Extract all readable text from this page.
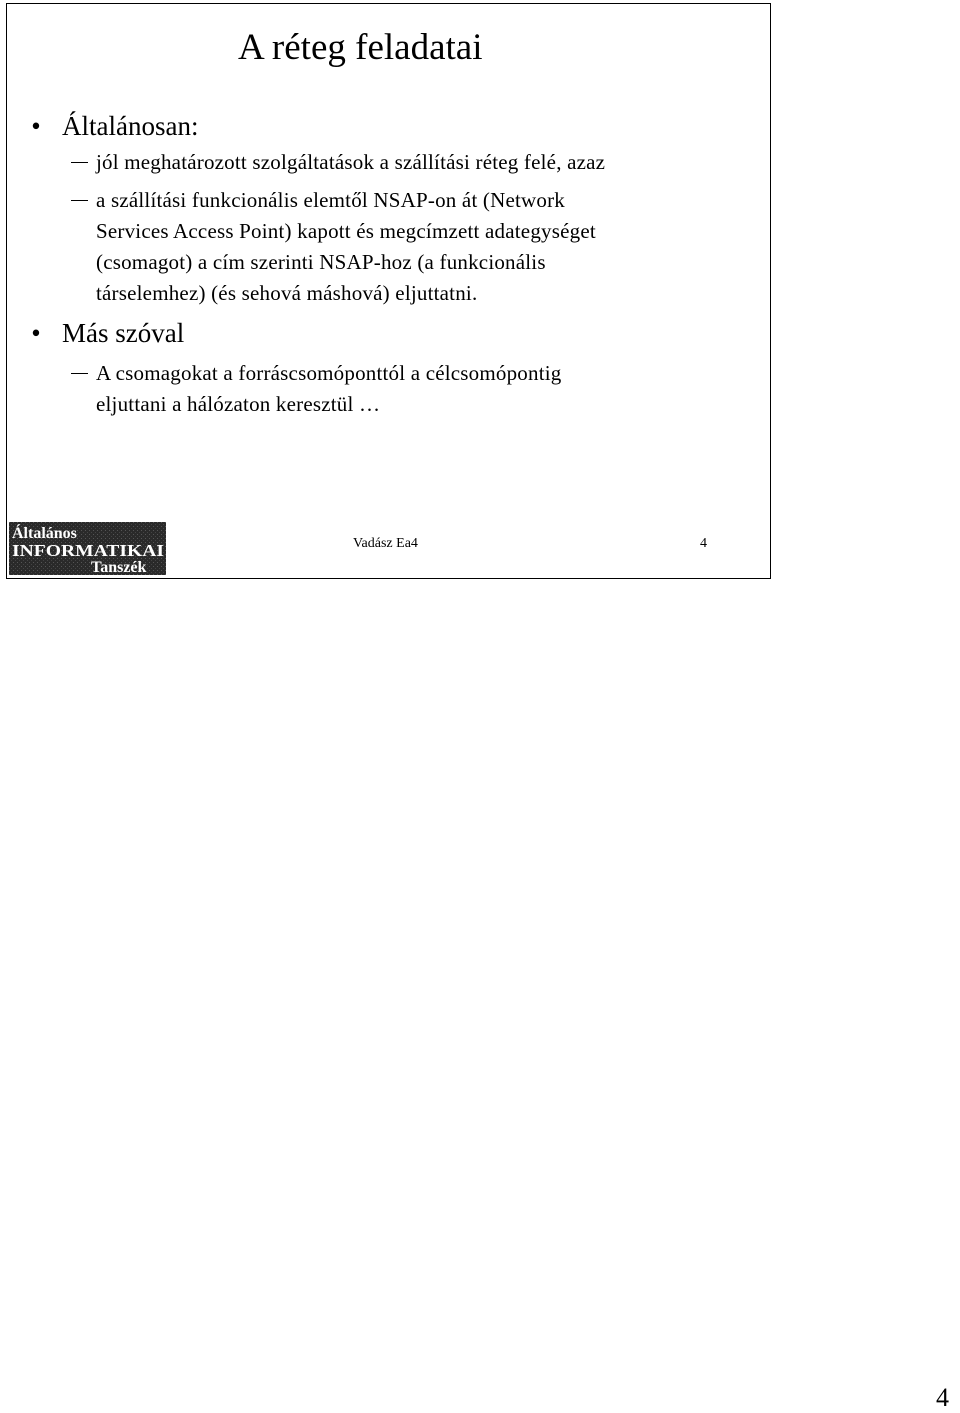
A réteg feladatai
• Általánosan:
jól meghatározott szolgáltatások a szállítási réteg felé, azaz
a szállítási funkcionális elemtől NSAP-on át (Network
Services Access Point) kapott és megcímzett adategységet
(csomagot) a cím szerinti NSAP-hoz (a funkcionális
társelemhez) (és sehová máshová) eljuttatni.
• Más szóval
A csomagokat a forráscsomóponttól a célcsomópontig
eljuttani a hálózaton keresztül …
Általános
INFORMATIKAI
Tanszék
Vadász Ea4	4
4
